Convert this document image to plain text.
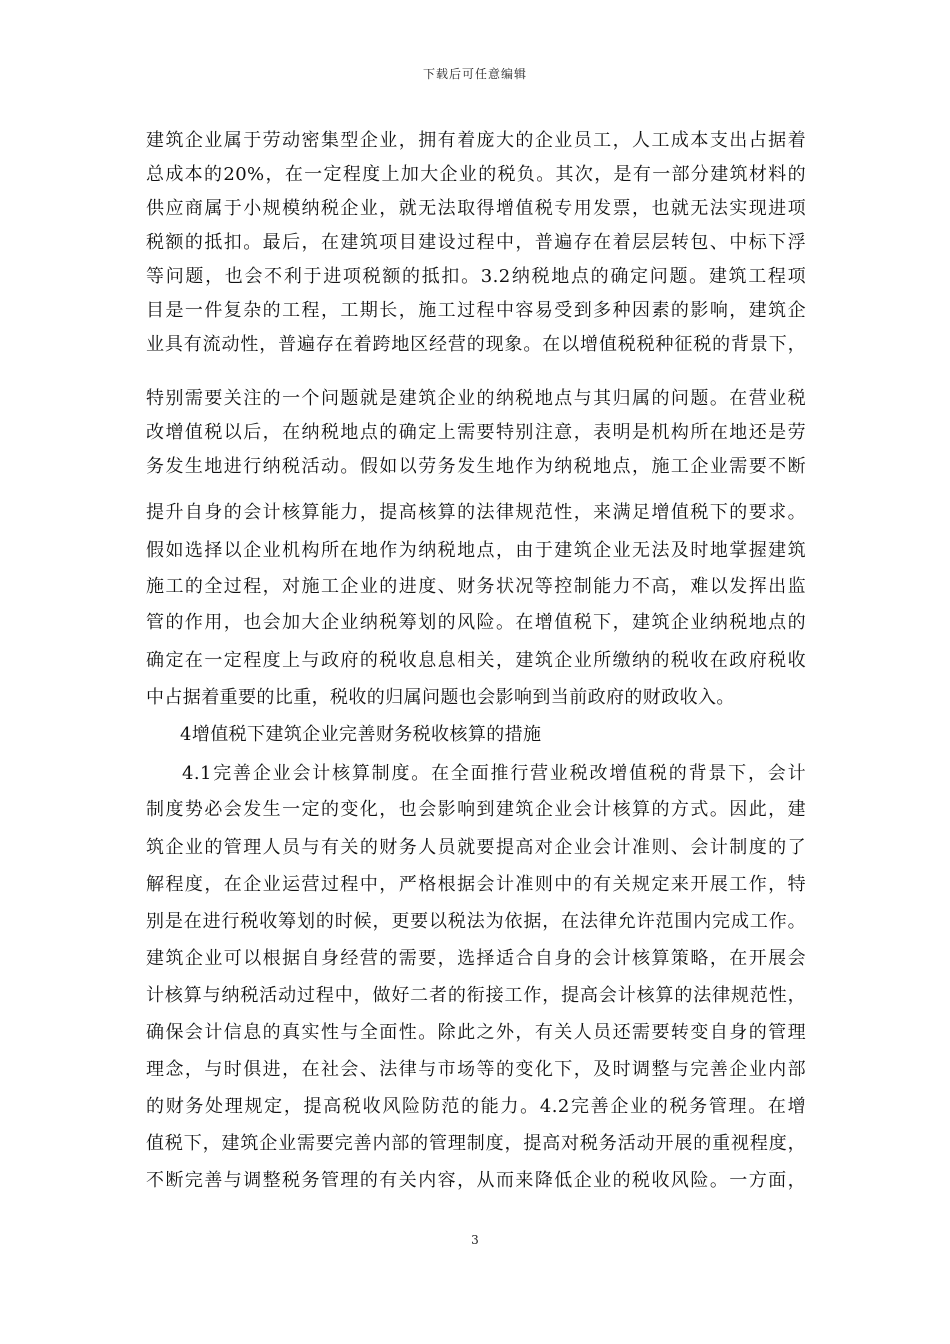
下载后可任意编辑
建筑企业属于劳动密集型企业，拥有着庞大的企业员工，人工成本支出占据着
总成本的20%，在一定程度上加大企业的税负。其次，是有一部分建筑材料的
供应商属于小规模纳税企业，就无法取得增值税专用发票，也就无法实现进项
税额的抵扣。最后，在建筑项目建设过程中，普遍存在着层层转包、中标下浮
等问题，也会不利于进项税额的抵扣。3.2纳税地点的确定问题。建筑工程项
目是一件复杂的工程，工期长，施工过程中容易受到多种因素的影响，建筑企
业具有流动性，普遍存在着跨地区经营的现象。在以增值税税种征税的背景下，
特别需要关注的一个问题就是建筑企业的纳税地点与其归属的问题。在营业税
改增值税以后，在纳税地点的确定上需要特别注意，表明是机构所在地还是劳
务发生地进行纳税活动。假如以劳务发生地作为纳税地点，施工企业需要不断
提升自身的会计核算能力，提高核算的法律规范性，来满足增值税下的要求。
假如选择以企业机构所在地作为纳税地点，由于建筑企业无法及时地掌握建筑
施工的全过程，对施工企业的进度、财务状况等控制能力不高，难以发挥出监
管的作用，也会加大企业纳税筹划的风险。在增值税下，建筑企业纳税地点的
确定在一定程度上与政府的税收息息相关，建筑企业所缴纳的税收在政府税收
中占据着重要的比重，税收的归属问题也会影响到当前政府的财政收入。
4增值税下建筑企业完善财务税收核算的措施
4.1完善企业会计核算制度。在全面推行营业税改增值税的背景下，会计
制度势必会发生一定的变化，也会影响到建筑企业会计核算的方式。因此，建
筑企业的管理人员与有关的财务人员就要提高对企业会计准则、会计制度的了
解程度，在企业运营过程中，严格根据会计准则中的有关规定来开展工作，特
别是在进行税收筹划的时候，更要以税法为依据，在法律允许范围内完成工作。
建筑企业可以根据自身经营的需要，选择适合自身的会计核算策略，在开展会
计核算与纳税活动过程中，做好二者的衔接工作，提高会计核算的法律规范性，
确保会计信息的真实性与全面性。除此之外，有关人员还需要转变自身的管理
理念，与时俱进，在社会、法律与市场等的变化下，及时调整与完善企业内部
的财务处理规定，提高税收风险防范的能力。4.2完善企业的税务管理。在增
值税下，建筑企业需要完善内部的管理制度，提高对税务活动开展的重视程度，
不断完善与调整税务管理的有关内容，从而来降低企业的税收风险。一方面，
3
